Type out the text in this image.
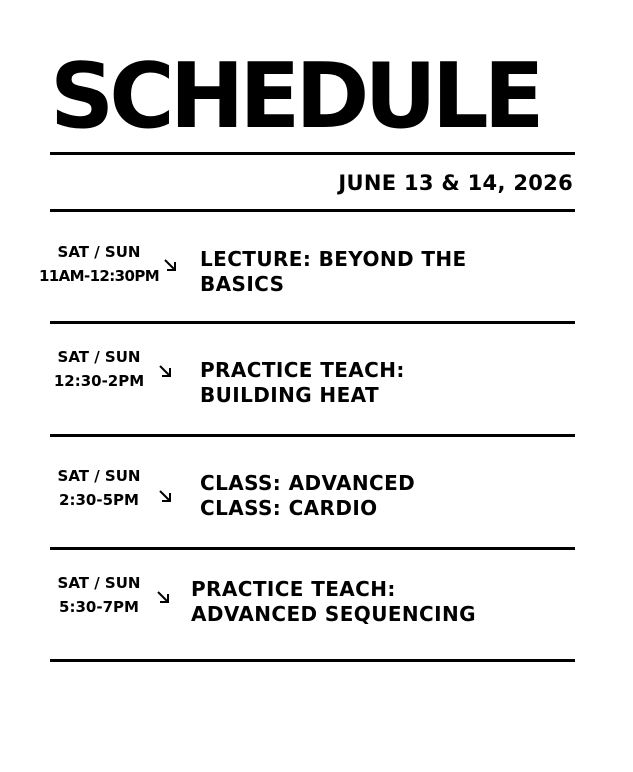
SCHEDULE
JUNE 13 & 14, 2026
SAT / SUN
11AM-12:30PM
LECTURE: BEYOND THE
BASICS
SAT / SUN
12:30-2PM	PRACTICE TEACH:
BUILDING HEAT
SAT / SUN
2:30-5PM
CLASS: ADVANCED
CLASS: CARDIO
SAT / SUN
5:30-7PM
PRACTICE TEACH:
ADVANCED SEQUENCING
